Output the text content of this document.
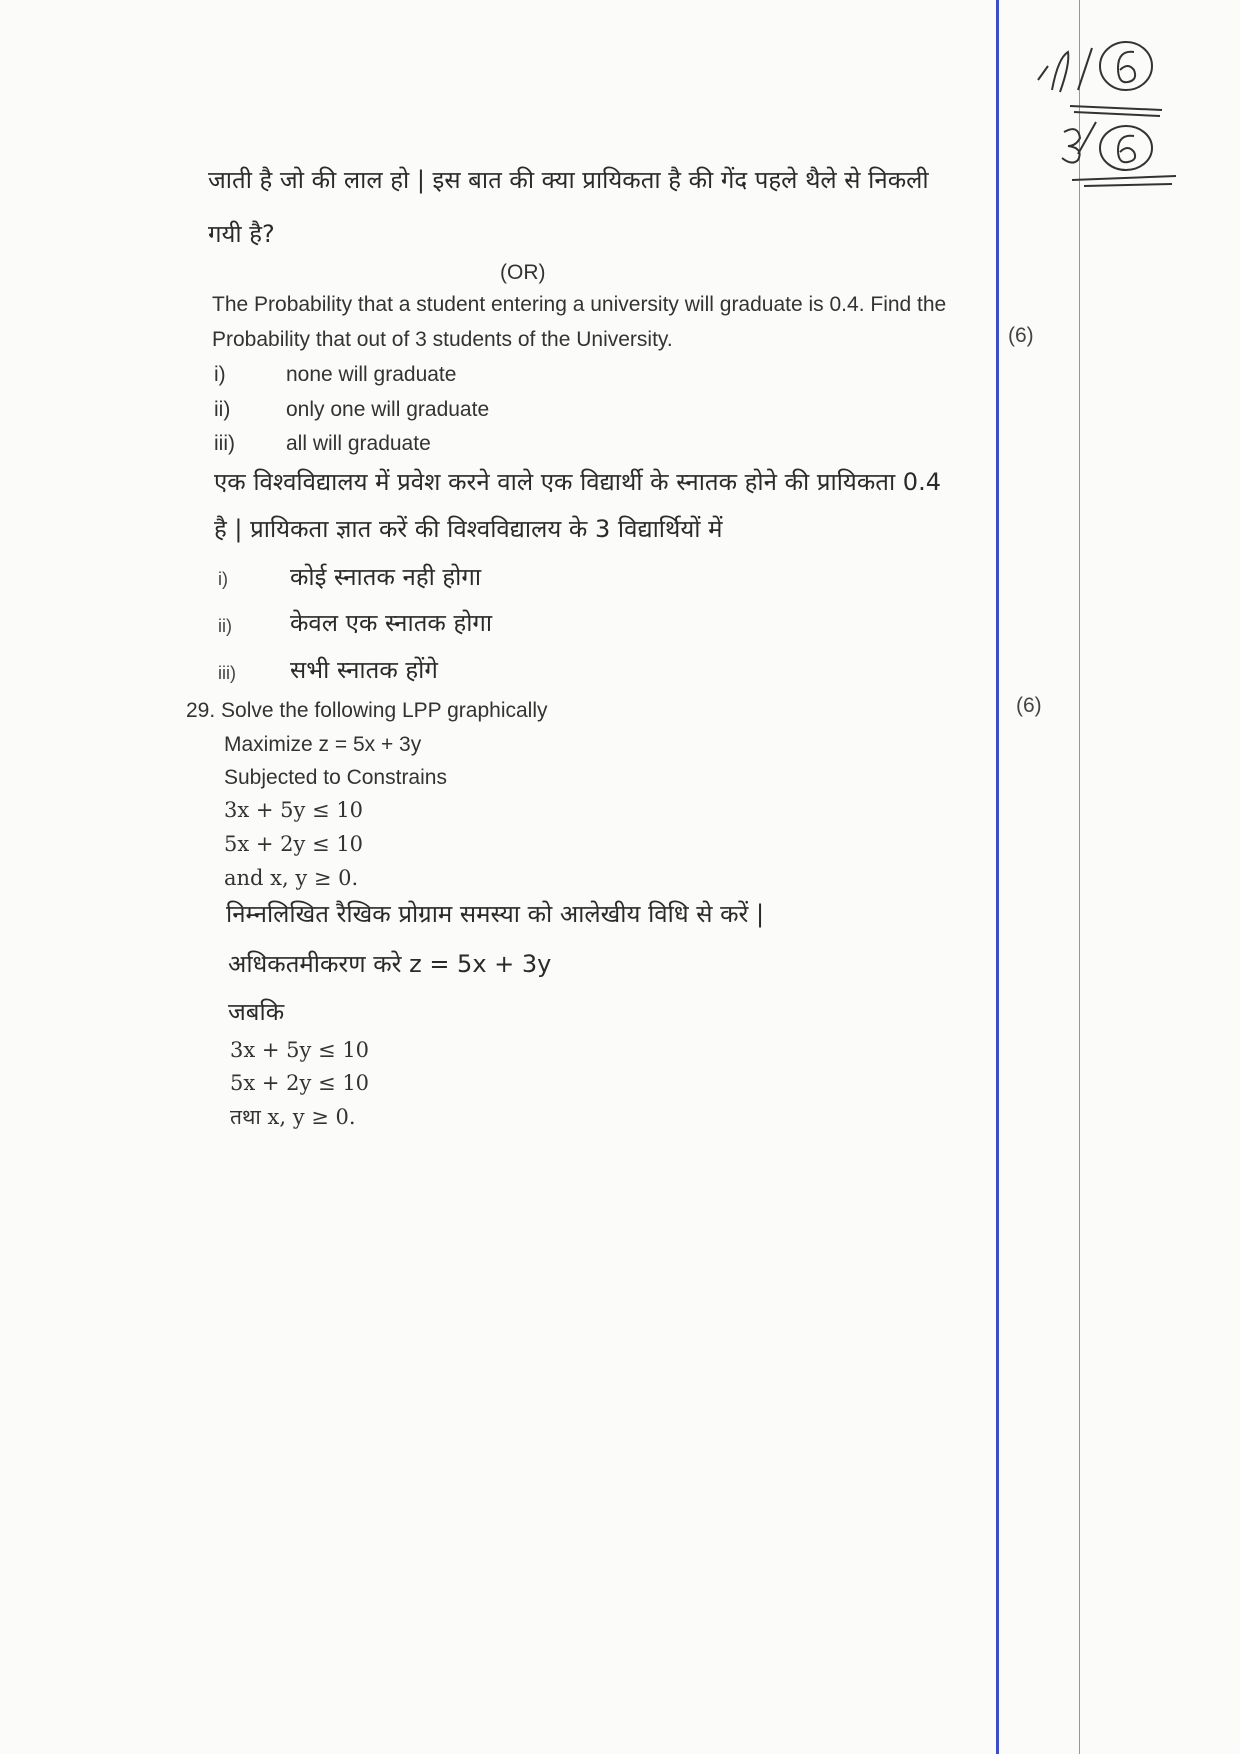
जाती है जो की लाल हो | इस बात की क्या प्रायिकता है की गेंद पहले थैले से निकली
गयी है?
(OR)
The Probability that a student entering a university will graduate is 0.4. Find the
Probability that out of 3 students of the University.	(6)
i)	none will graduate
ii)	only one will graduate
iii) all will graduate
एक विश्वविद्यालय में प्रवेश करने वाले एक विद्यार्थी के स्नातक होने की प्रायिकता 0.4
है | प्रायिकता ज्ञात करें की विश्वविद्यालय के 3 विद्यार्थियों में
i)	कोई स्नातक नही होगा
ii) केवल एक स्नातक होगा
iii) सभी स्नातक होंगे
29. Solve the following LPP graphically	(6)
Maximize z = 5x + 3y
Subjected to Constrains
3x + 5y ≤ 10
5x + 2y ≤ 10
and x, y ≥ 0.
निम्नलिखित रैखिक प्रोग्राम समस्या को आलेखीय विधि से करें |
अधिकतमीकरण करे z = 5x + 3y
जबकि
3x + 5y ≤ 10
5x + 2y ≤ 10
तथा x, y ≥ 0.
